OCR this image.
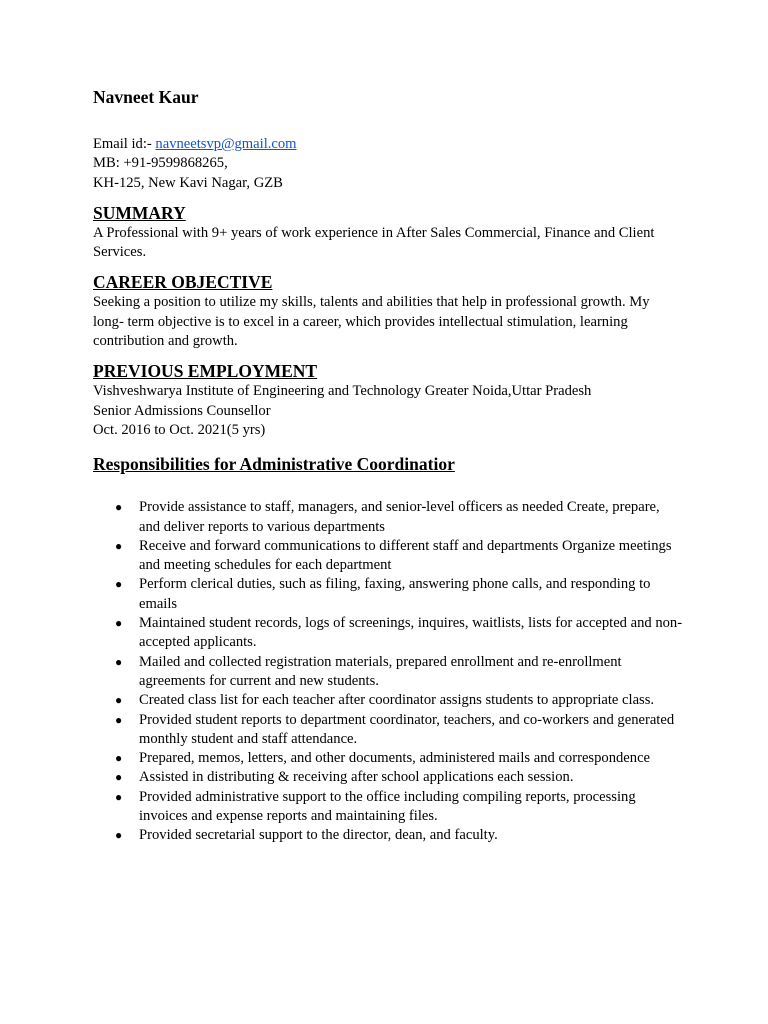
Navneet Kaur
Email id:- navneetsvp@gmail.com
MB: +91-9599868265,
KH-125, New Kavi Nagar, GZB
SUMMARY

A Professional with 9+ years of work experience in After Sales Commercial, Finance and Client Services.

CAREER OBJECTIVE

Seeking a position to utilize my skills, talents and abilities that help in professional growth. My long- term objective is to excel in a career, which provides intellectual stimulation, learning contribution and growth.

PREVIOUS EMPLOYMENT
Vishveshwarya Institute of Engineering and Technology Greater Noida,Uttar Pradesh
Senior Admissions Counsellor
Oct. 2016 to Oct. 2021(5 yrs)
Responsibilities for Administrative Coordinatior
● Provide assistance to staff, managers, and senior-level officers as needed Create, prepare, and deliver reports to various departments
● Receive and forward communications to different staff and departments Organize meetings and meeting schedules for each department
● Perform clerical duties, such as filing, faxing, answering phone calls, and responding to emails
● Maintained student records, logs of screenings, inquires, waitlists, lists for accepted and non-accepted applicants.
● Mailed and collected registration materials, prepared enrollment and re-enrollment agreements for current and new students.
● Created class list for each teacher after coordinator assigns students to appropriate class.
● Provided student reports to department coordinator, teachers, and co-workers and generated monthly student and staff attendance.
● Prepared, memos, letters, and other documents, administered mails and correspondence
● Assisted in distributing & receiving after school applications each session.
● Provided administrative support to the office including compiling reports, processing invoices and expense reports and maintaining files.
● Provided secretarial support to the director, dean, and faculty.
